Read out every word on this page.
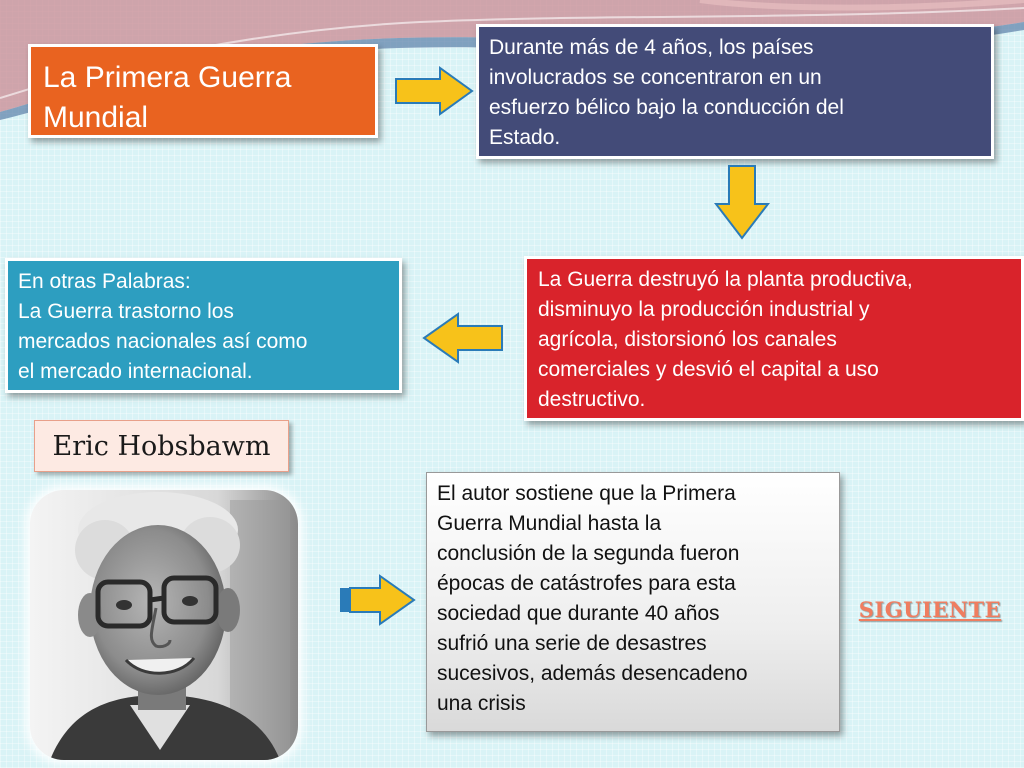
La Primera Guerra
Mundial
Durante más de 4 años, los países
involucrados se concentraron en un
esfuerzo bélico bajo la conducción del
Estado.
La Guerra destruyó la planta productiva,
disminuyo la producción industrial y
agrícola, distorsionó los canales
comerciales y desvió el capital a uso
destructivo.
En otras Palabras:
La Guerra trastorno los
mercados nacionales así como
el mercado internacional.
Eric Hobsbawm
El autor sostiene que la Primera
Guerra Mundial hasta la
conclusión de la segunda fueron
épocas de catástrofes para esta
sociedad que durante 40 años
sufrió una serie de desastres
sucesivos, además desencadeno
una crisis
SIGUIENTE
